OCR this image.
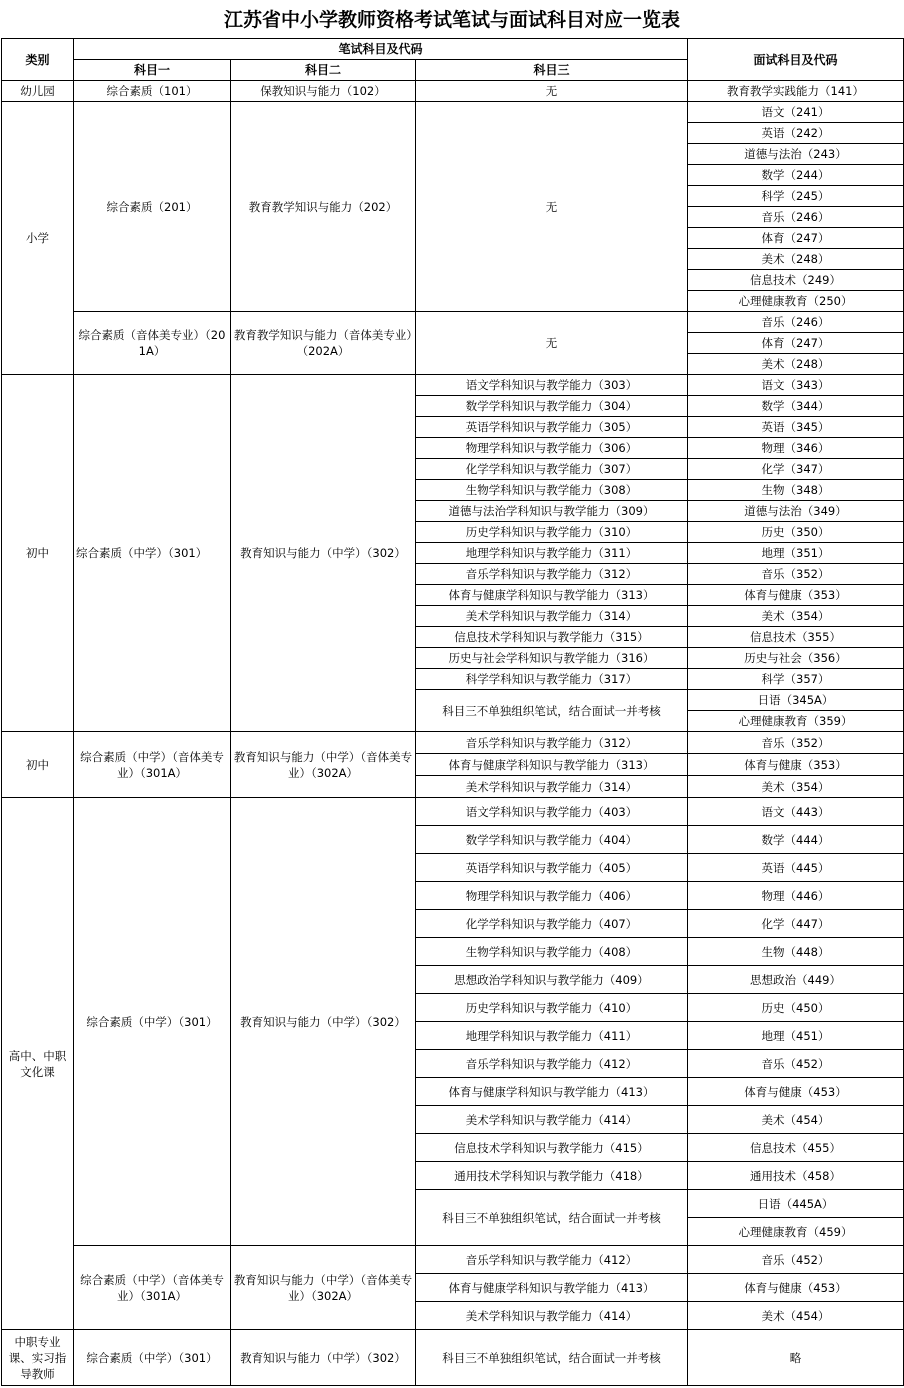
江苏省中小学教师资格考试笔试与面试科目对应一览表
类别	笔试科目及代码			面试科目及代码
	科目一	科目二	科目三	
幼儿园	综合素质（101）	保教知识与能力（102）	无	教育教学实践能力（141）
小学	综合素质（201）	教育教学知识与能力（202）	无	语文（241）
				英语（242）
				道德与法治（243）
				数学（244）
				科学（245）
				音乐（246）
				体育（247）
				美术（248）
				信息技术（249）
				心理健康教育（250）
	综合素质（音体美专业）（201A）	教育教学知识与能力（音体美专业）（202A）	无	音乐（246）
				体育（247）
				美术（248）
初中	综合素质（中学）（301）	教育知识与能力（中学）（302）	语文学科知识与教学能力（303）	语文（343）
			数学学科知识与教学能力（304）	数学（344）
			英语学科知识与教学能力（305）	英语（345）
			物理学科知识与教学能力（306）	物理（346）
			化学学科知识与教学能力（307）	化学（347）
			生物学科知识与教学能力（308）	生物（348）
			道德与法治学科知识与教学能力（309）	道德与法治（349）
			历史学科知识与教学能力（310）	历史（350）
			地理学科知识与教学能力（311）	地理（351）
			音乐学科知识与教学能力（312）	音乐（352）
			体育与健康学科知识与教学能力（313）	体育与健康（353）
			美术学科知识与教学能力（314）	美术（354）
			信息技术学科知识与教学能力（315）	信息技术（355）
			历史与社会学科知识与教学能力（316）	历史与社会（356）
			科学学科知识与教学能力（317）	科学（357）
			科目三不单独组织笔试，结合面试一并考核	日语（345A）
				心理健康教育（359）
初中	综合素质（中学）（音体美专业）（301A）	教育知识与能力（中学）（音体美专业）（302A）	音乐学科知识与教学能力（312）	音乐（352）
			体育与健康学科知识与教学能力（313）	体育与健康（353）
			美术学科知识与教学能力（314）	美术（354）
高中、中职文化课	综合素质（中学）（301）	教育知识与能力（中学）（302）	语文学科知识与教学能力（403）	语文（443）
			数学学科知识与教学能力（404）	数学（444）
			英语学科知识与教学能力（405）	英语（445）
			物理学科知识与教学能力（406）	物理（446）
			化学学科知识与教学能力（407）	化学（447）
			生物学科知识与教学能力（408）	生物（448）
			思想政治学科知识与教学能力（409）	思想政治（449）
			历史学科知识与教学能力（410）	历史（450）
			地理学科知识与教学能力（411）	地理（451）
			音乐学科知识与教学能力（412）	音乐（452）
			体育与健康学科知识与教学能力（413）	体育与健康（453）
			美术学科知识与教学能力（414）	美术（454）
			信息技术学科知识与教学能力（415）	信息技术（455）
			通用技术学科知识与教学能力（418）	通用技术（458）
			科目三不单独组织笔试，结合面试一并考核	日语（445A）
				心理健康教育（459）
	综合素质（中学）（音体美专业）（301A）	教育知识与能力（中学）（音体美专业）（302A）	音乐学科知识与教学能力（412）	音乐（452）
			体育与健康学科知识与教学能力（413）	体育与健康（453）
			美术学科知识与教学能力（414）	美术（454）
中职专业课、实习指导教师	综合素质（中学）（301）	教育知识与能力（中学）（302）	科目三不单独组织笔试，结合面试一并考核	略
